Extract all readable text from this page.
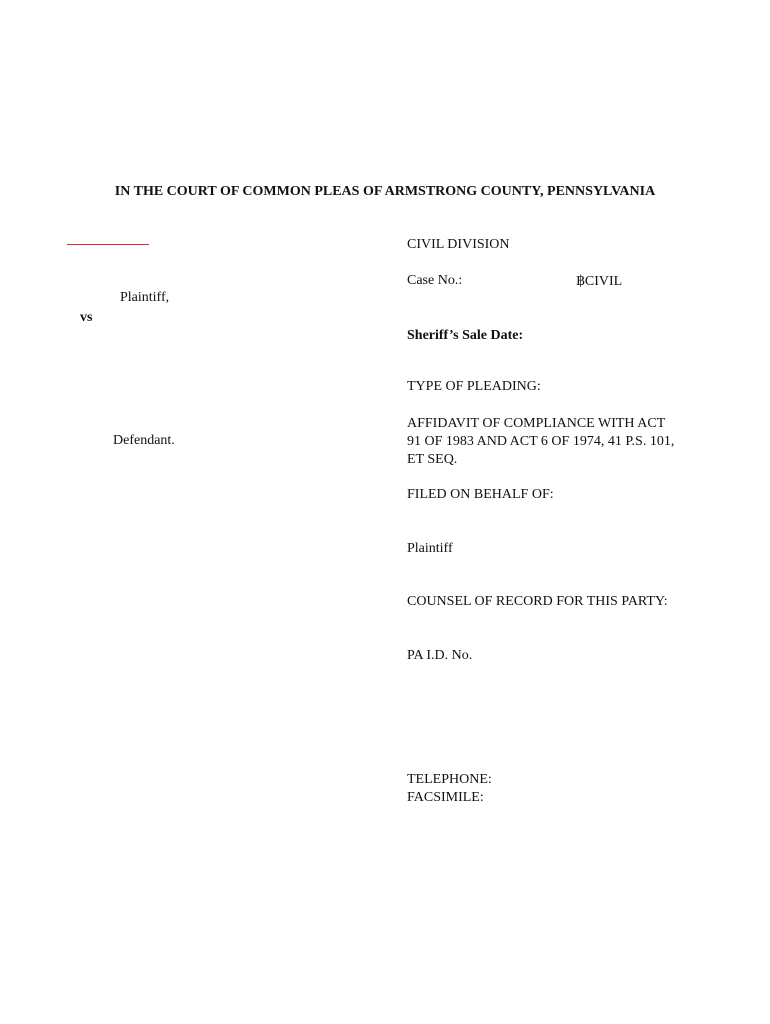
IN THE COURT OF COMMON PLEAS OF ARMSTRONG COUNTY, PENNSYLVANIA
Plaintiff,
vs
Defendant.
CIVIL DIVISION
Case No.:	฿CIVIL
Sheriff’s Sale Date:
TYPE OF PLEADING:
AFFIDAVIT OF COMPLIANCE WITH ACT
91 OF 1983 AND ACT 6 OF 1974, 41 P.S. 101,
ET SEQ.
FILED ON BEHALF OF:
Plaintiff
COUNSEL OF RECORD FOR THIS PARTY:
PA I.D. No.
TELEPHONE:
FACSIMILE:
